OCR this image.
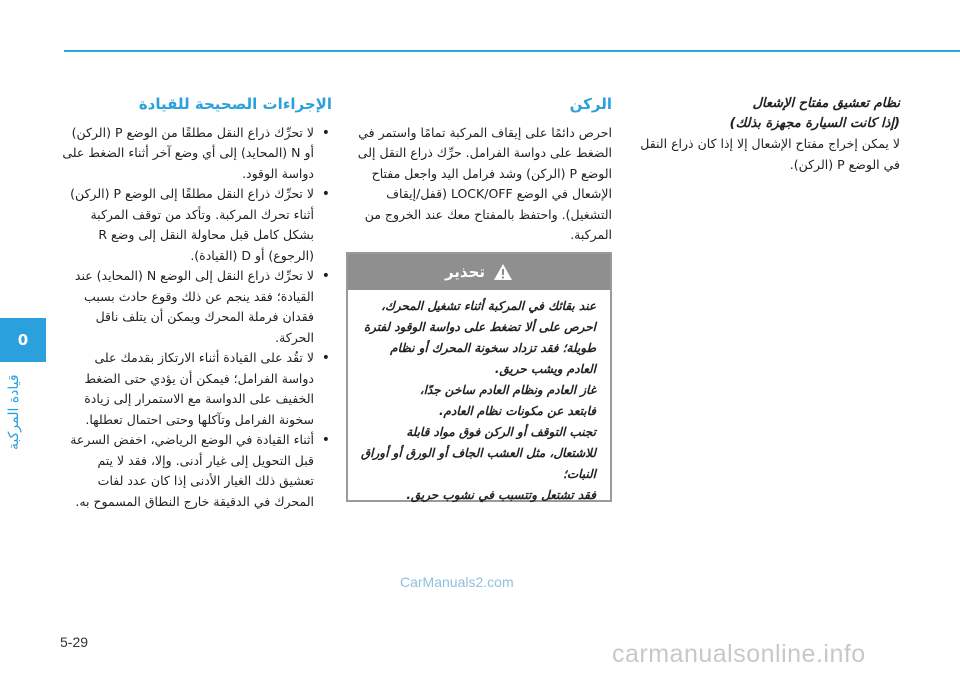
0
قيادة المركبة
نظام تعشيق مفتاح الإشعال
(إذا كانت السيارة مجهزة بذلك)

لا يمكن إخراج مفتاح الإشعال إلا إذا كان ذراع النقل في الوضع P (الركن).

الركن

احرص دائمًا على إيقاف المركبة تمامًا واستمر في الضغط على دواسة الفرامل. حرِّك ذراع النقل إلى الوضع P (الركن) وشد فرامل اليد واجعل مفتاح الإشعال في الوضع LOCK/OFF (قفل/إيقاف التشغيل). واحتفظ بالمفتاح معك عند الخروج من المركبة.

تحذير
عند بقائك في المركبة أثناء تشغيل المحرك،
احرص على ألا تضغط على دواسة الوقود لفترة
طويلة؛ فقد تزداد سخونة المحرك أو نظام
العادم ويشب حريق.
غاز العادم ونظام العادم ساخن جدًا،
فابتعد عن مكونات نظام العادم.
تجنب التوقف أو الركن فوق مواد قابلة
للاشتعال، مثل العشب الجاف أو الورق أو أوراق
النبات؛
فقد تشتعل وتتسبب في نشوب حريق.
الإجراءات الصحيحة للقيادة
• لا تحرِّك ذراع النقل مطلقًا من الوضع P (الركن) أو N (المحايد) إلى أي وضع آخر أثناء الضغط على دواسة الوقود.
• لا تحرِّك ذراع النقل مطلقًا إلى الوضع P (الركن) أثناء تحرك المركبة. وتأكد من توقف المركبة بشكل كامل قبل محاولة النقل إلى وضع R (الرجوع) أو D (القيادة).
• لا تحرِّك ذراع النقل إلى الوضع N (المحايد) عند القيادة؛ فقد ينجم عن ذلك وقوع حادث بسبب فقدان فرملة المحرك ويمكن أن يتلف ناقل الحركة.
• لا تقُد على القيادة أثناء الارتكاز بقدمك على دواسة الفرامل؛ فيمكن أن يؤدي حتى الضغط الخفيف على الدواسة مع الاستمرار إلى زيادة سخونة الفرامل وتآكلها وحتى احتمال تعطلها.
• أثناء القيادة في الوضع الرياضي، اخفض السرعة قبل التحويل إلى غيار أدنى. وإلا، فقد لا يتم تعشيق ذلك الغيار الأدنى إذا كان عدد لفات المحرك في الدقيقة خارج النطاق المسموح به.
CarManuals2.com
5-29	carmanualsonline.info
